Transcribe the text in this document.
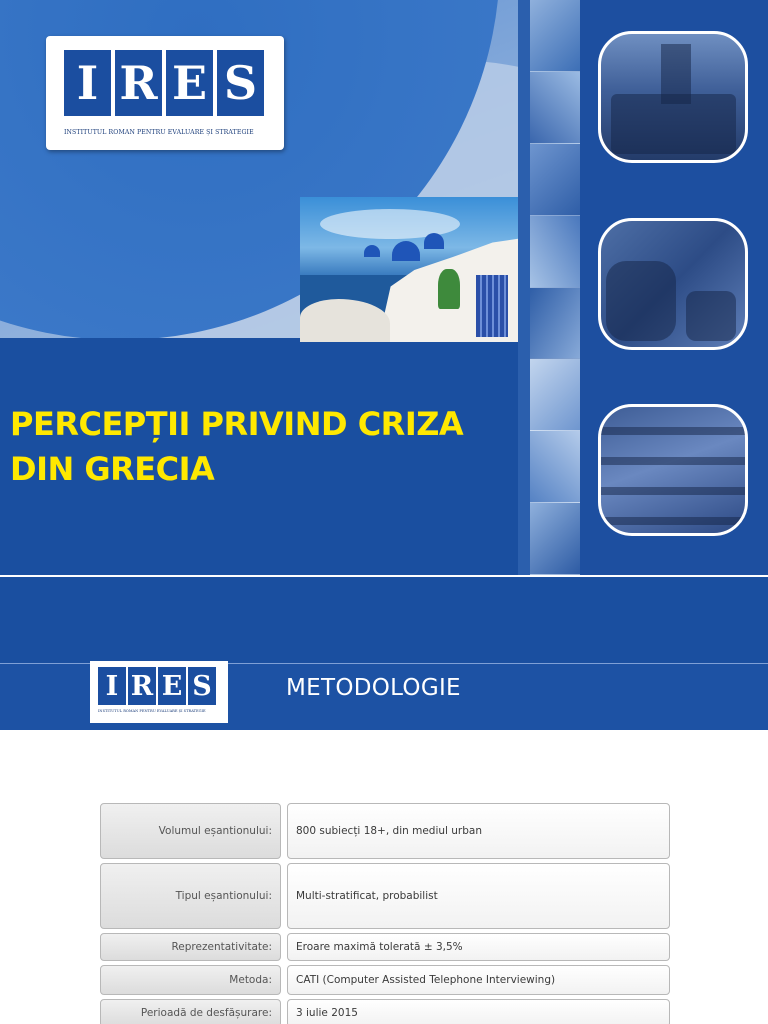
I R E S
INSTITUTUL ROMÂN PENTRU EVALUARE ȘI STRATEGIE
PERCEPȚII PRIVIND CRIZA
DIN GRECIA
I R E S
INSTITUTUL ROMÂN PENTRU EVALUARE ȘI STRATEGIE
METODOLOGIE
Volumul eșantionului:	800 subiecți 18+, din mediul urban
Tipul eșantionului:	Multi-stratificat, probabilist
Reprezentativitate:	Eroare maximă tolerată ± 3,5%
Metoda:	CATI (Computer Assisted Telephone Interviewing)
Perioadă de desfășurare:	3 iulie 2015
